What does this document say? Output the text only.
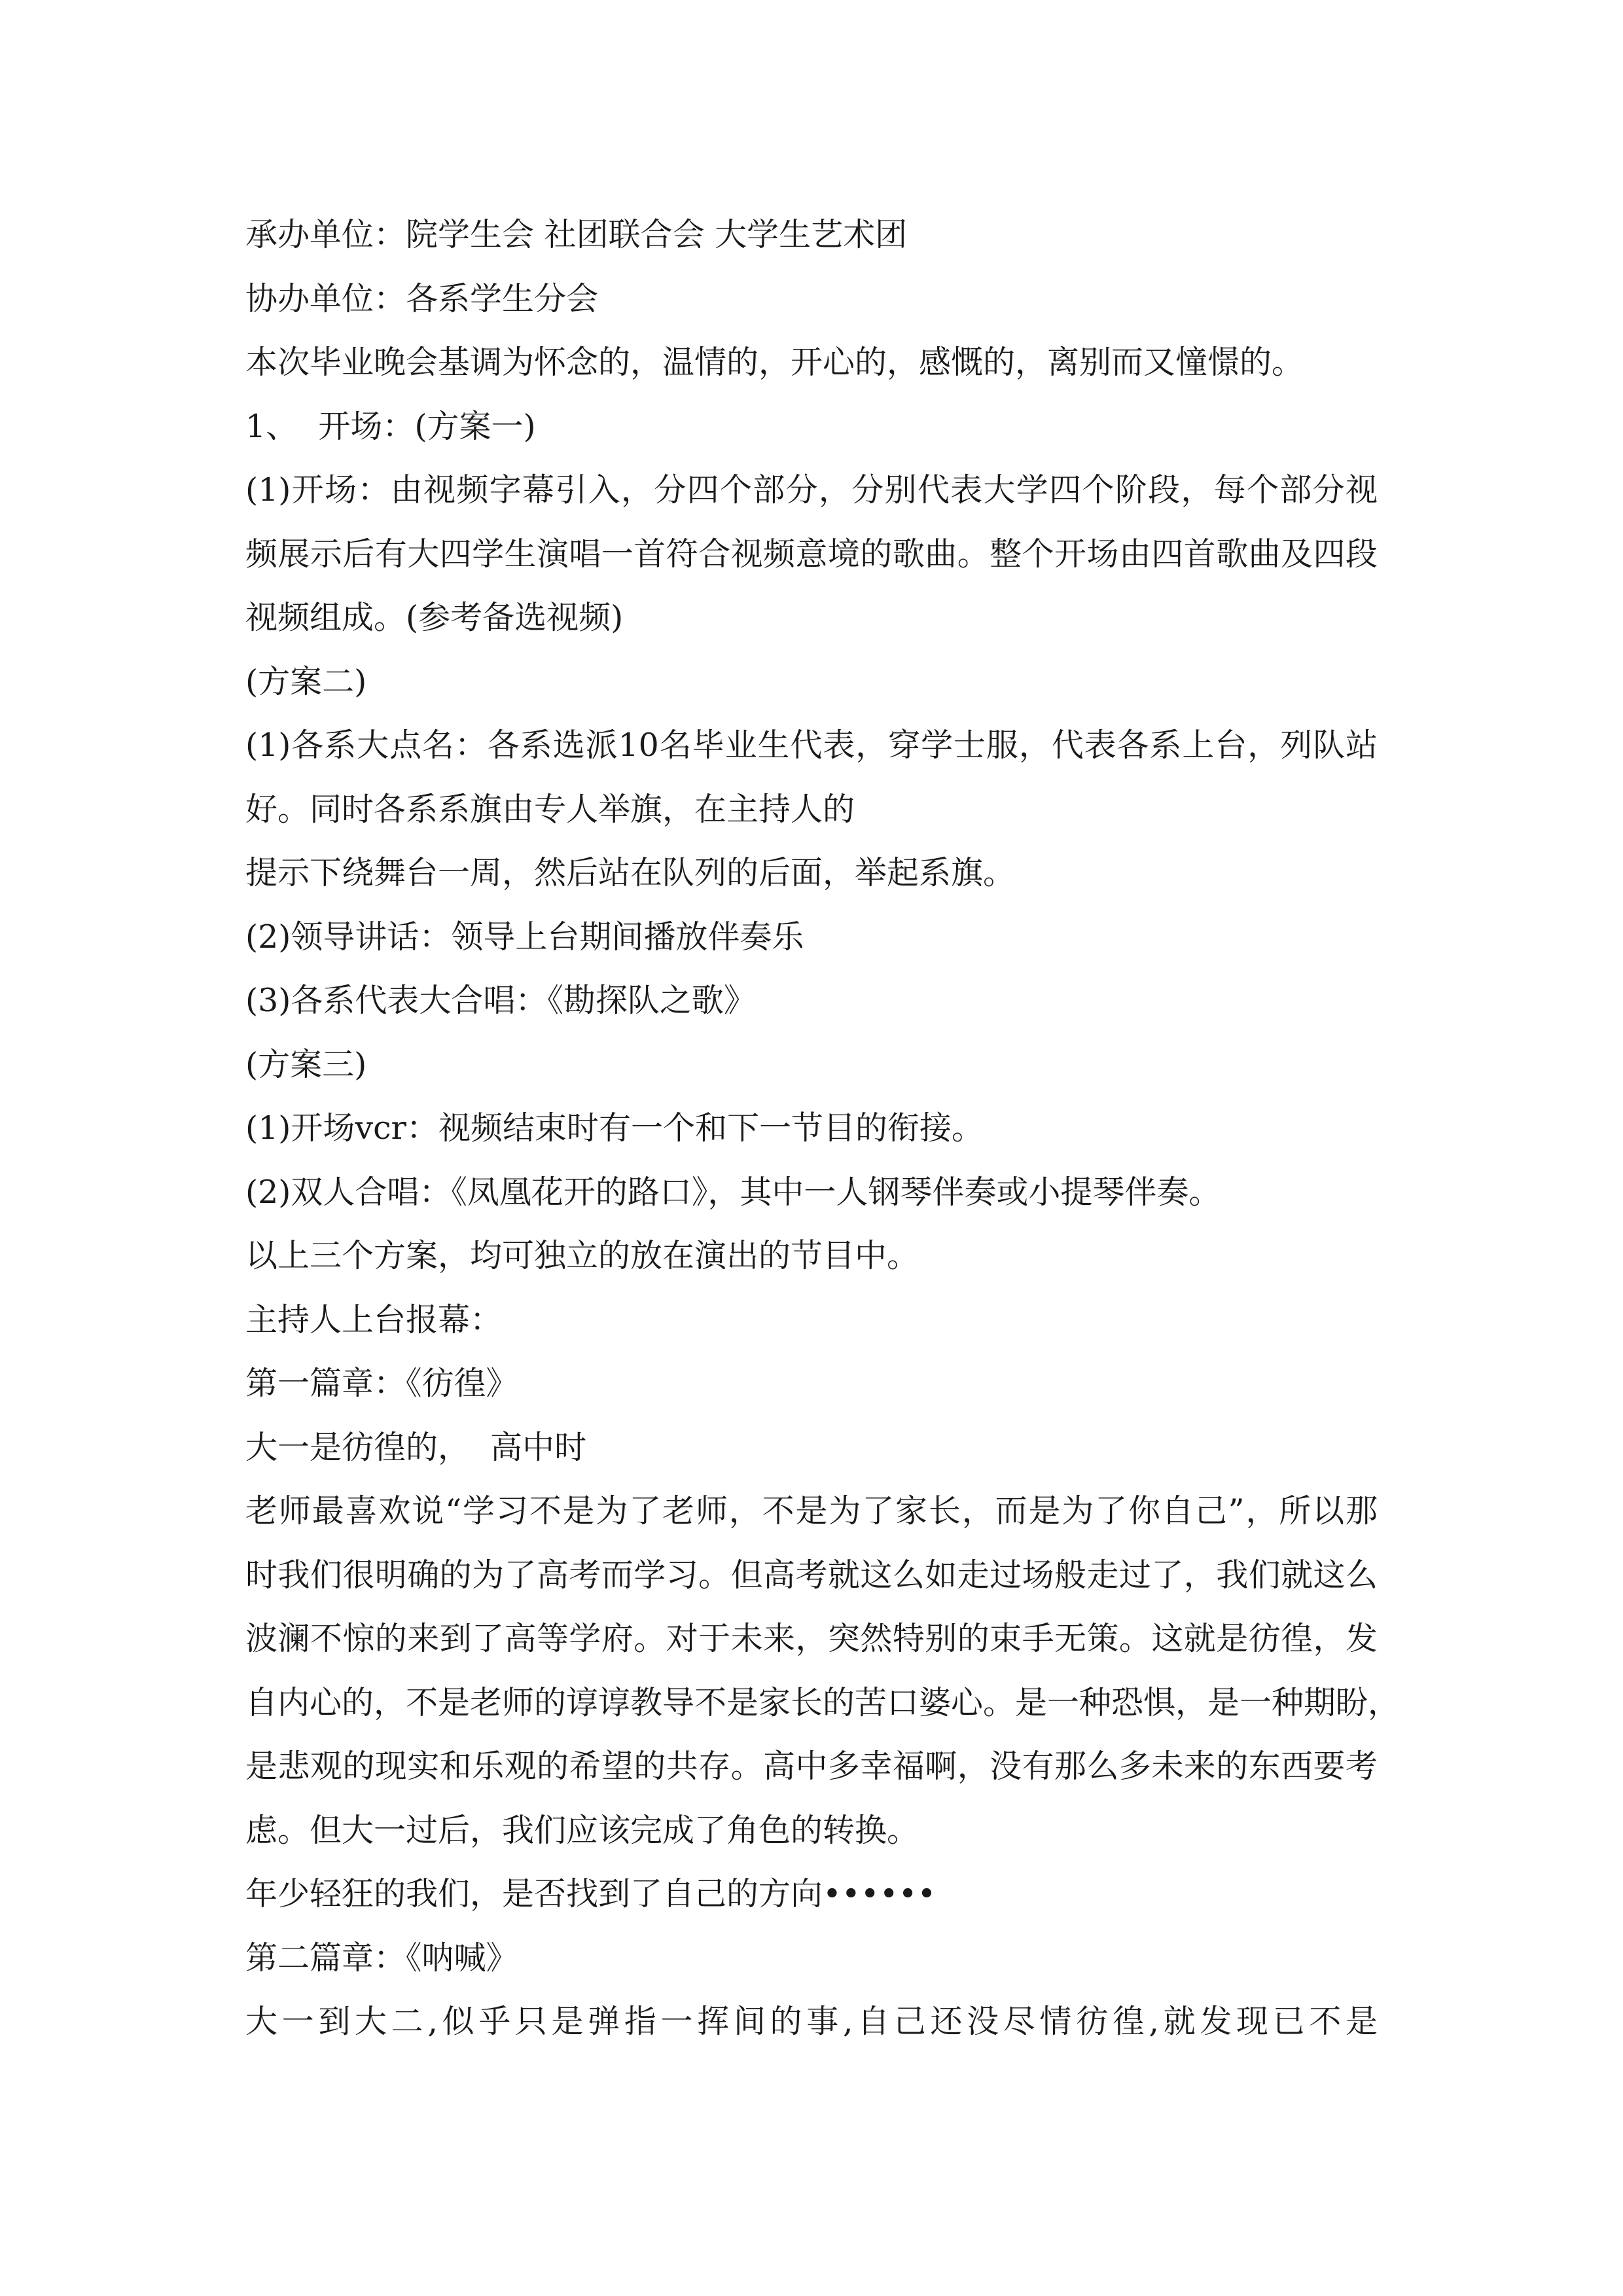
承办单位：院学生会 社团联合会 大学生艺术团
协办单位：各系学生分会
本次毕业晚会基调为怀念的，温情的，开心的，感慨的，离别而又憧憬的。
1、  开场：(方案一)
(1)开场：由视频字幕引入，分四个部分，分别代表大学四个阶段，每个部分视
频展示后有大四学生演唱一首符合视频意境的歌曲。整个开场由四首歌曲及四段
视频组成。(参考备选视频)
(方案二)
(1)各系大点名：各系选派10名毕业生代表，穿学士服，代表各系上台，列队站
好。同时各系系旗由专人举旗，在主持人的
提示下绕舞台一周，然后站在队列的后面，举起系旗。
(2)领导讲话：领导上台期间播放伴奏乐
(3)各系代表大合唱：《勘探队之歌》
(方案三)
(1)开场vcr：视频结束时有一个和下一节目的衔接。
(2)双人合唱：《凤凰花开的路口》，其中一人钢琴伴奏或小提琴伴奏。
以上三个方案，均可独立的放在演出的节目中。
主持人上台报幕：
第一篇章：《彷徨》
大一是彷徨的，  高中时
老师最喜欢说“学习不是为了老师，不是为了家长，而是为了你自己”，所以那
时我们很明确的为了高考而学习。但高考就这么如走过场般走过了，我们就这么
波澜不惊的来到了高等学府。对于未来，突然特别的束手无策。这就是彷徨，发
自内心的，不是老师的谆谆教导不是家长的苦口婆心。是一种恐惧，是一种期盼，
是悲观的现实和乐观的希望的共存。高中多幸福啊，没有那么多未来的东西要考
虑。但大一过后，我们应该完成了角色的转换。
年少轻狂的我们，是否找到了自己的方向••••••
第二篇章：《呐喊》
大一到大二,似乎只是弹指一挥间的事,自己还没尽情彷徨,就发现已不是
